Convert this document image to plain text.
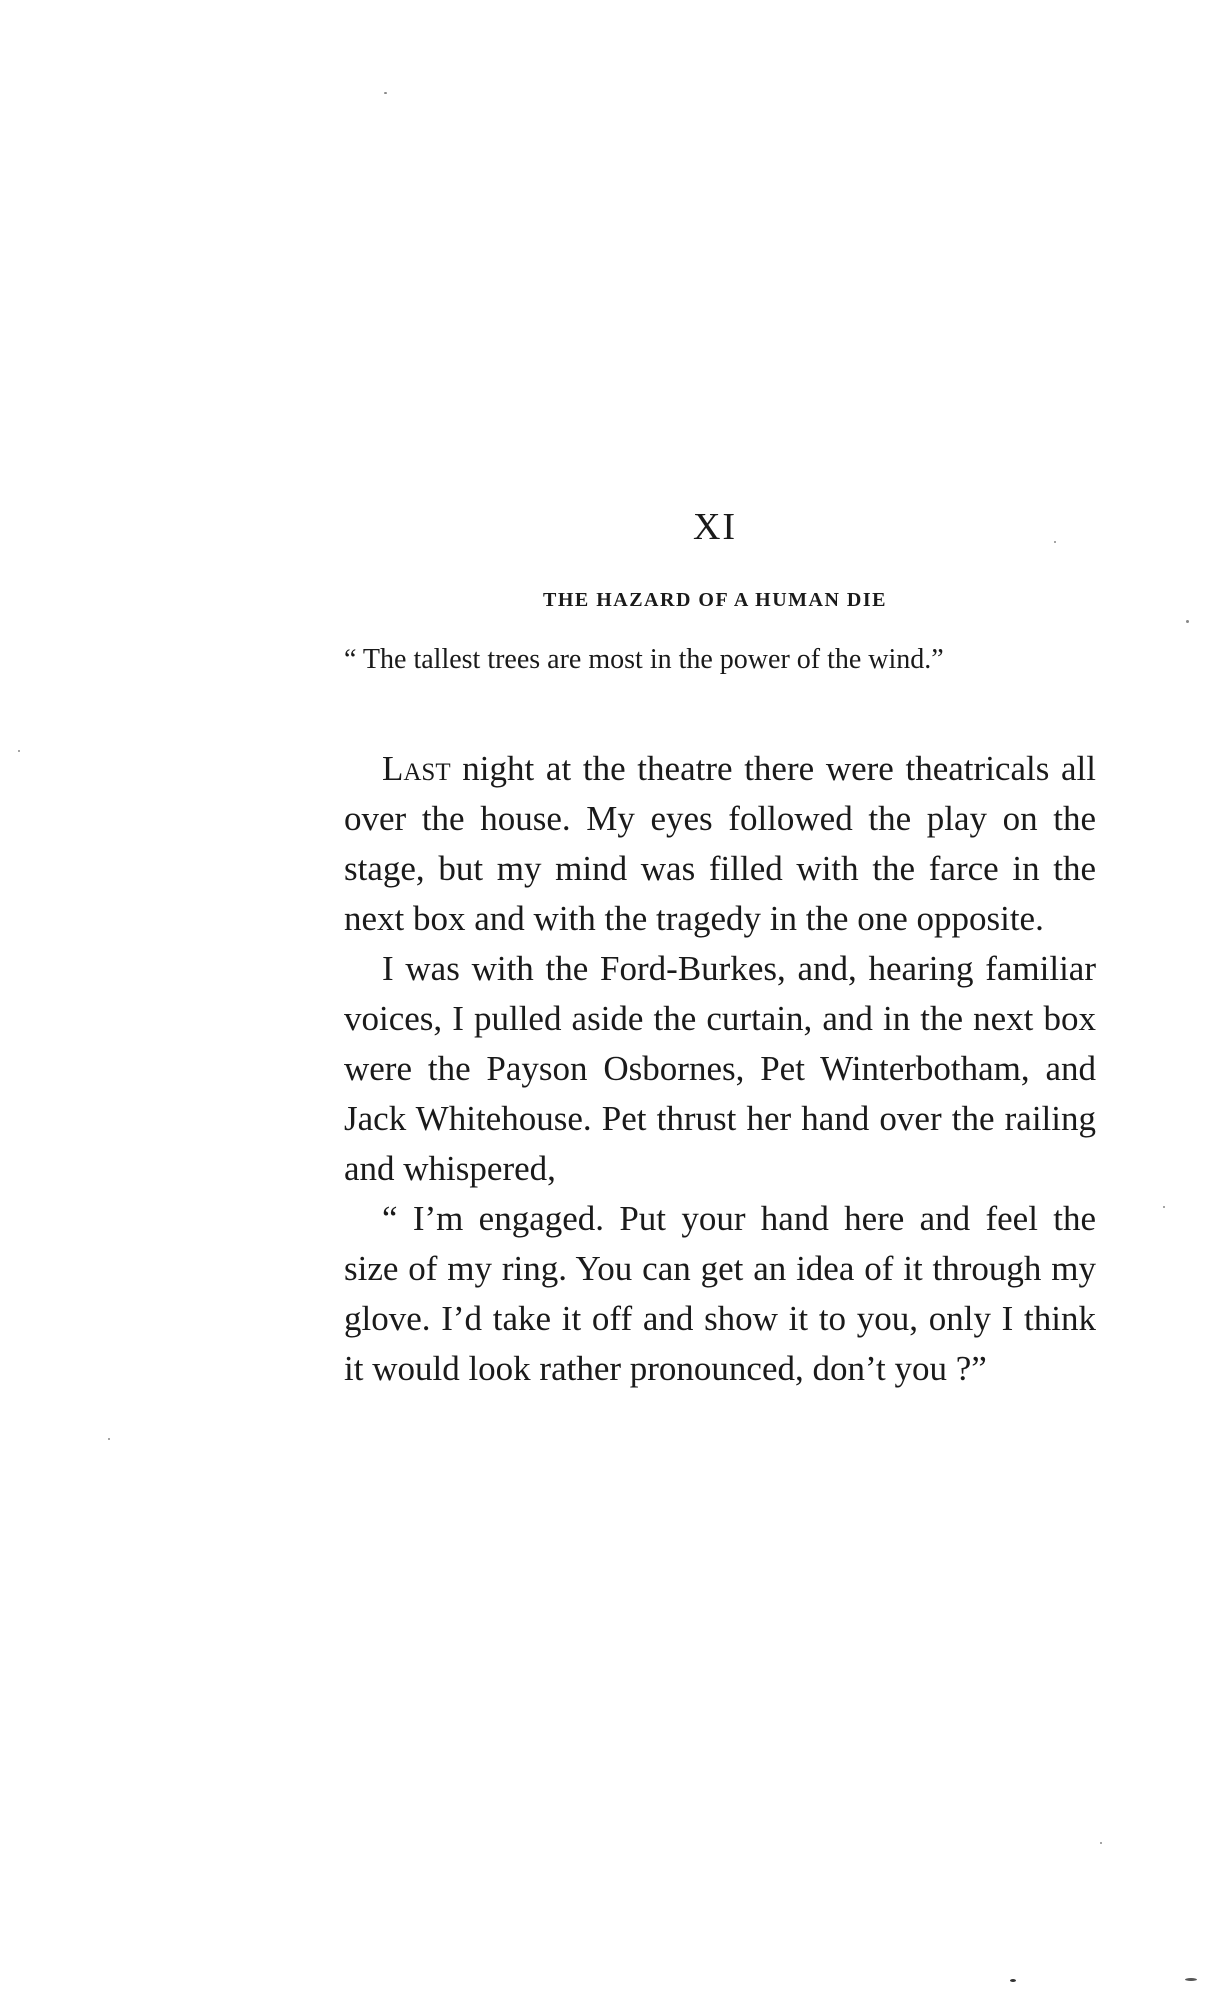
XI
THE HAZARD OF A HUMAN DIE

“ The tallest trees are most in the power of the wind.”

Last night at the theatre there were theatricals all over the house. My eyes followed the play on the stage, but my mind was filled with the farce in the next box and with the tragedy in the one opposite.

I was with the Ford-Burkes, and, hearing familiar voices, I pulled aside the curtain, and in the next box were the Payson Osbornes, Pet Winterbotham, and Jack Whitehouse. Pet thrust her hand over the railing and whispered,

“ I’m engaged. Put your hand here and feel the size of my ring. You can get an idea of it through my glove. I’d take it off and show it to you, only I think it would look rather pronounced, don’t you ?”
